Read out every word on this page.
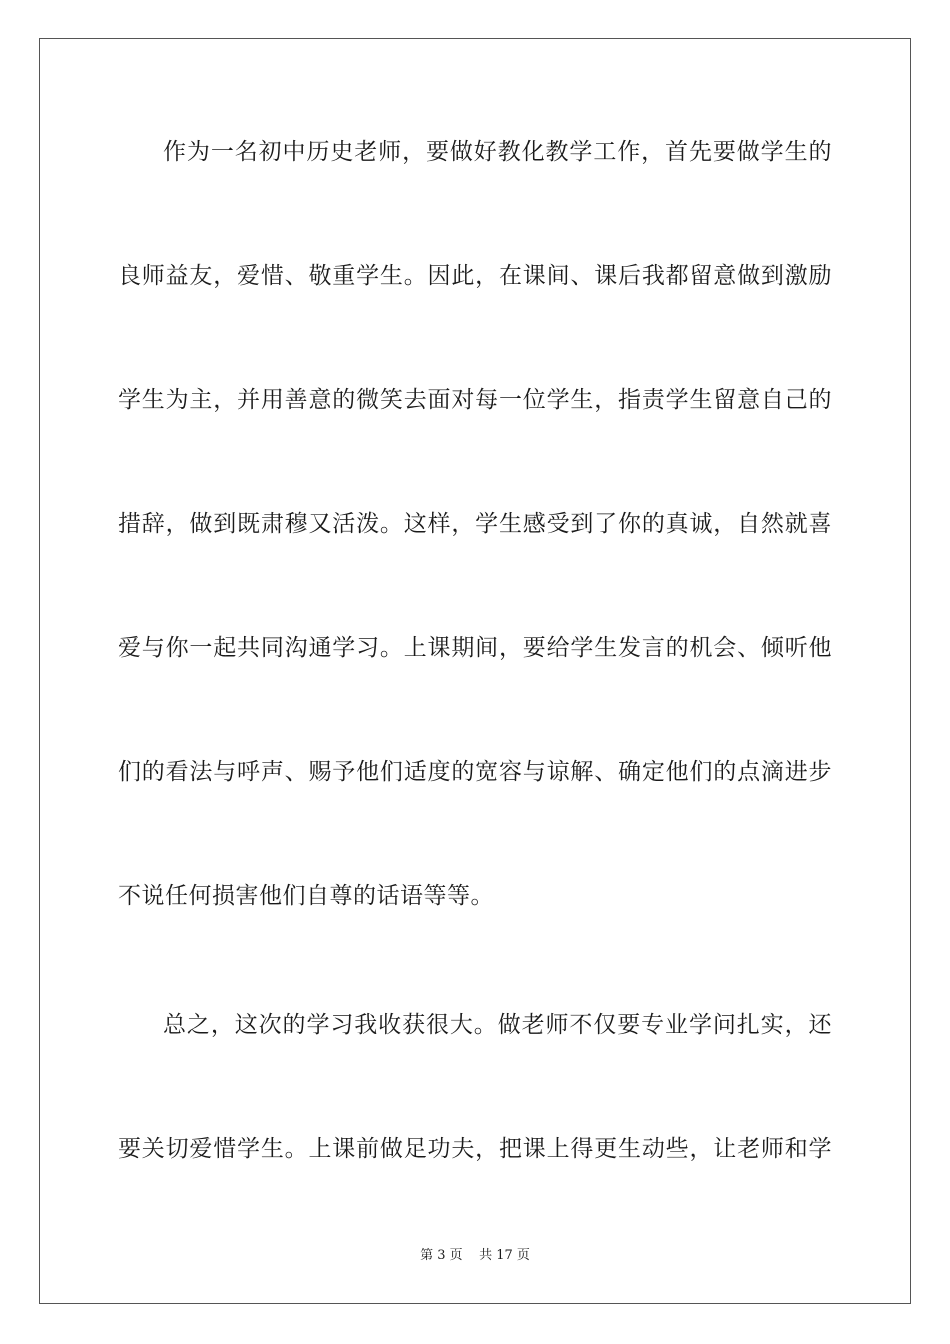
作为一名初中历史老师，要做好教化教学工作，首先要做学生的
良师益友，爱惜、敬重学生。因此，在课间、课后我都留意做到激励
学生为主，并用善意的微笑去面对每一位学生，指责学生留意自己的
措辞，做到既肃穆又活泼。这样，学生感受到了你的真诚，自然就喜
爱与你一起共同沟通学习。上课期间，要给学生发言的机会、倾听他
们的看法与呼声、赐予他们适度的宽容与谅解、确定他们的点滴进步
不说任何损害他们自尊的话语等等。
总之，这次的学习我收获很大。做老师不仅要专业学问扎实，还
要关切爱惜学生。上课前做足功夫，把课上得更生动些，让老师和学
第 3 页    共 17 页
